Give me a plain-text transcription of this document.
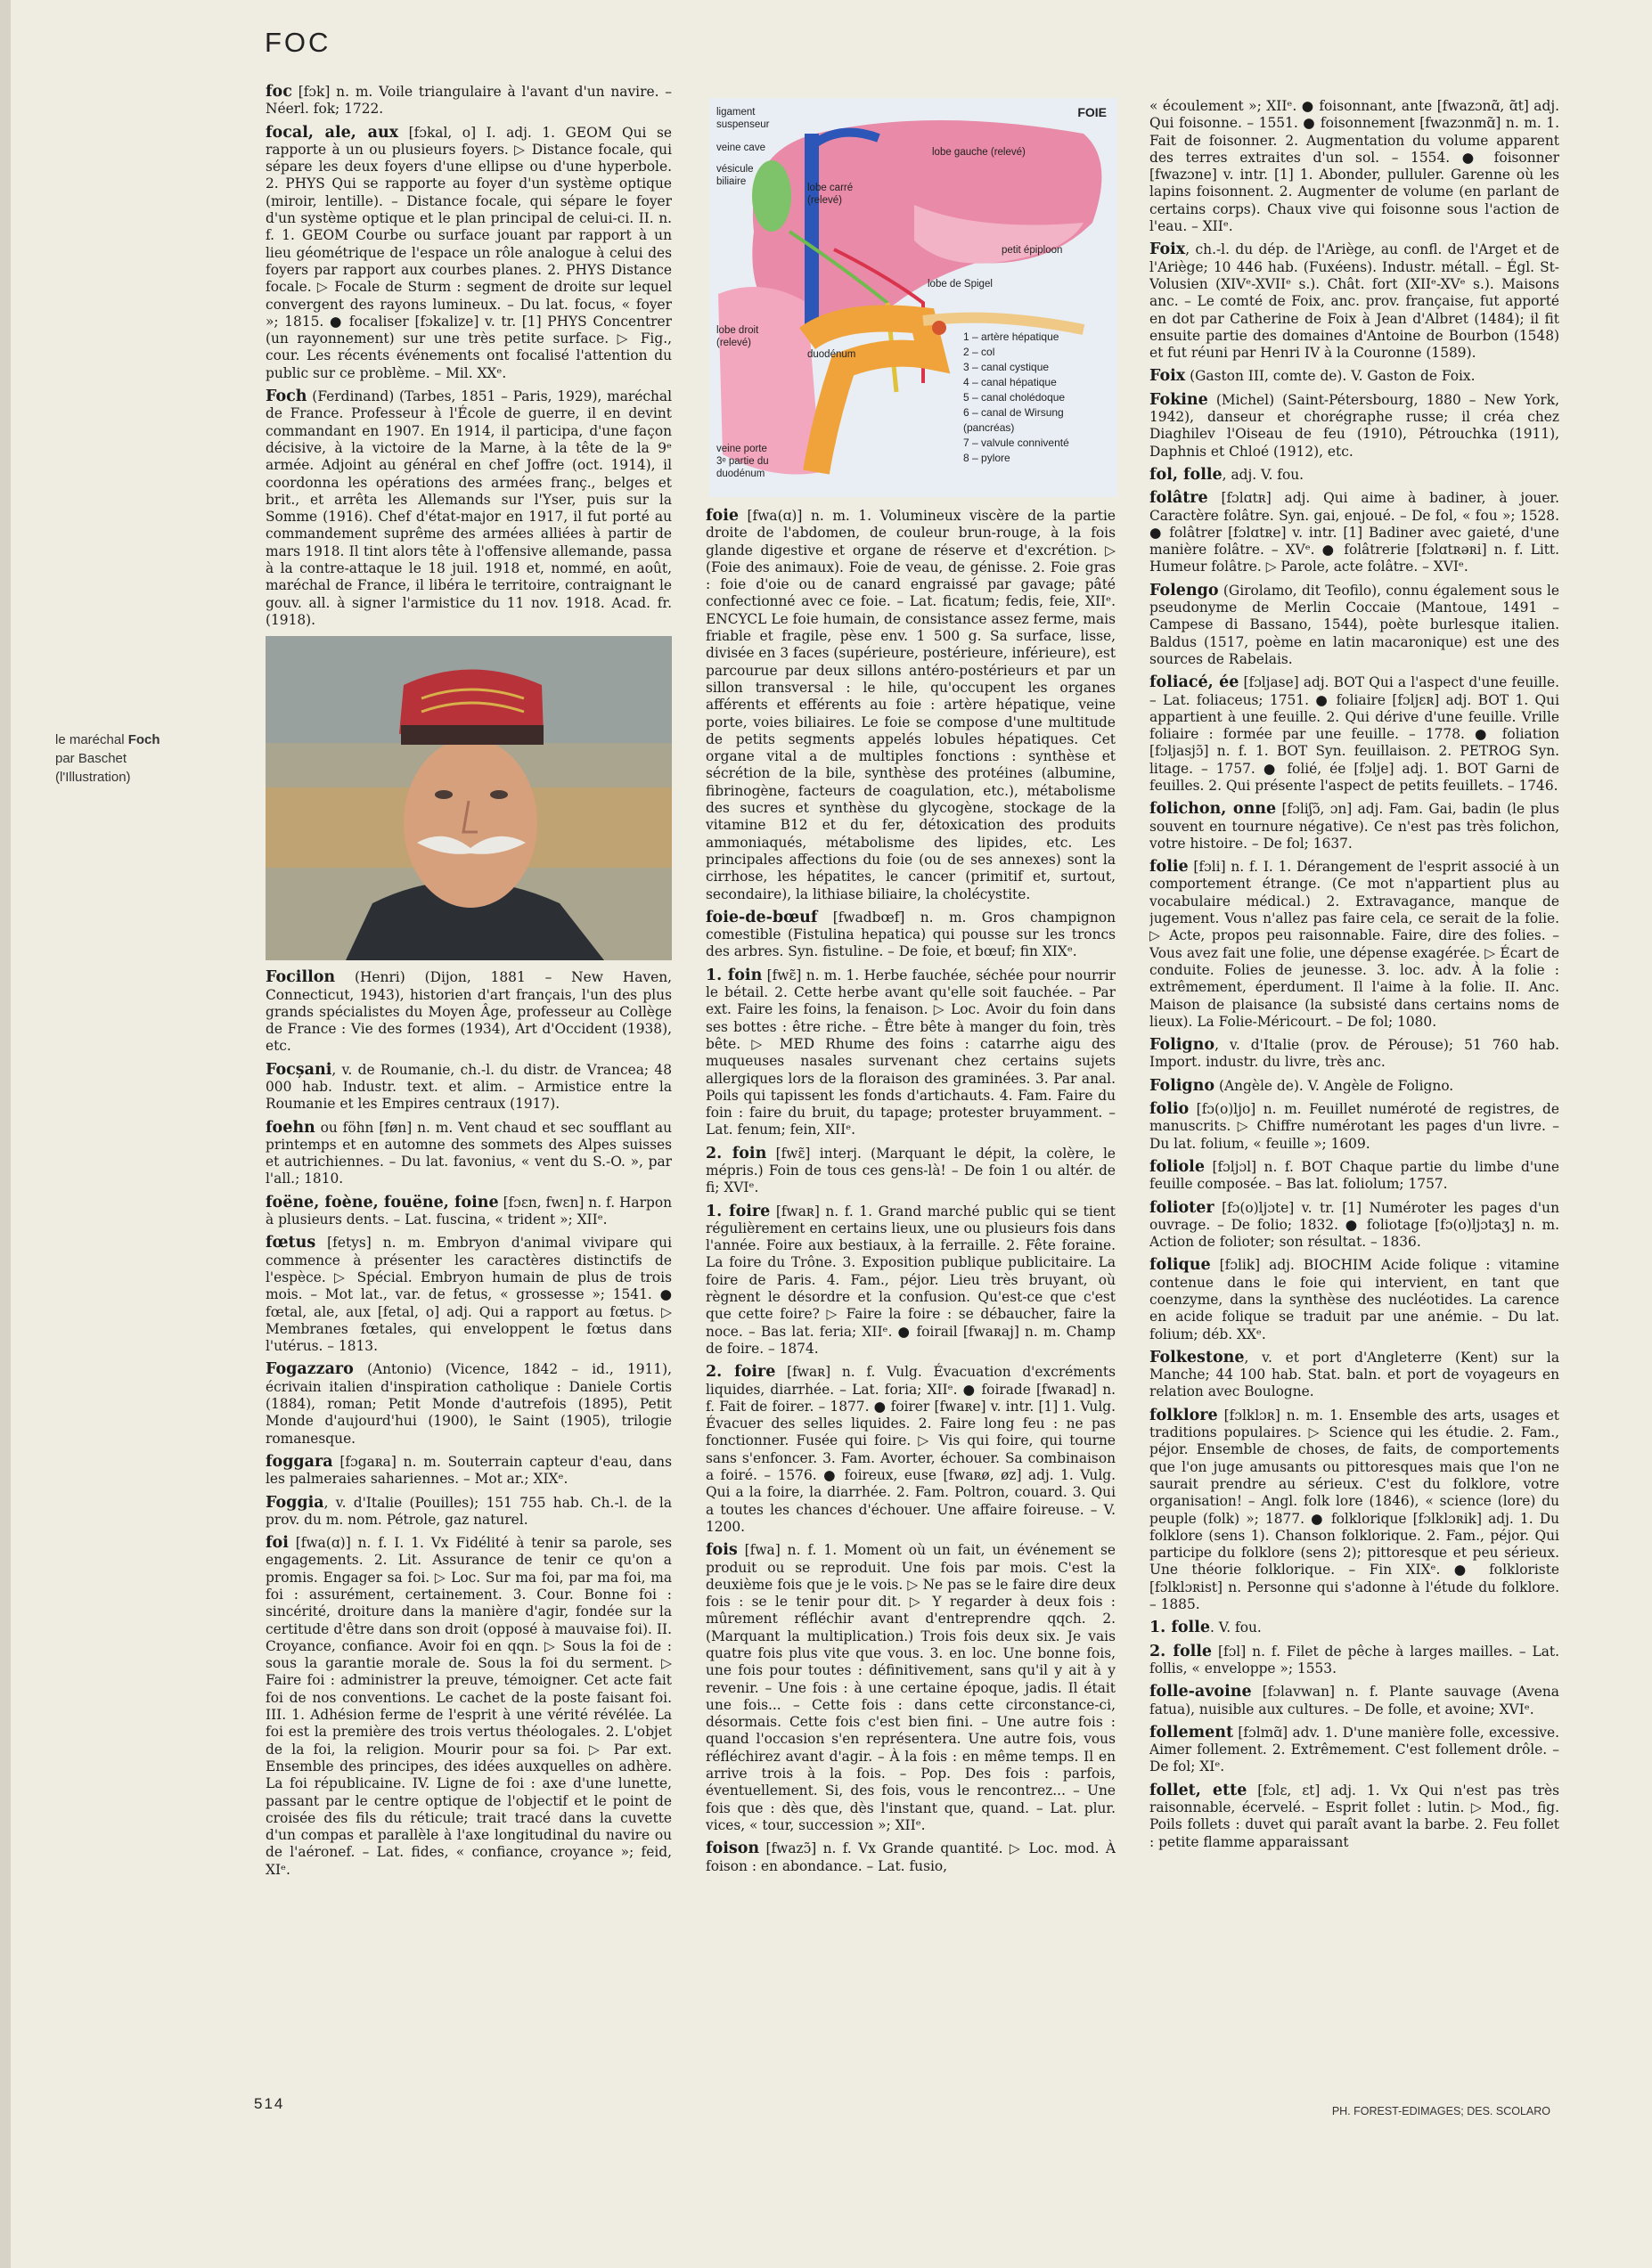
FOC
le maréchal Foch
par Baschet
(l'Illustration)
foc [fɔk] n. m. Voile triangulaire à l'avant d'un navire. – Néerl. fok; 1722.
focal, ale, aux [fɔkal, o] I. adj. 1. GEOM Qui se rapporte à un ou plusieurs foyers. ▷ Distance focale, qui sépare les deux foyers d'une ellipse ou d'une hyperbole. 2. PHYS Qui se rapporte au foyer d'un système optique (miroir, lentille). – Distance focale, qui sépare le foyer d'un système optique et le plan principal de celui-ci. II. n. f. 1. GEOM Courbe ou surface jouant par rapport à un lieu géométrique de l'espace un rôle analogue à celui des foyers par rapport aux courbes planes. 2. PHYS Distance focale. ▷ Focale de Sturm : segment de droite sur lequel convergent des rayons lumineux. – Du lat. focus, « foyer »; 1815. ● focaliser [fɔkalize] v. tr. [1] PHYS Concentrer (un rayonnement) sur une très petite surface. ▷ Fig., cour. Les récents événements ont focalisé l'attention du public sur ce problème. – Mil. XXᵉ.
Foch (Ferdinand) (Tarbes, 1851 – Paris, 1929), maréchal de France. Professeur à l'École de guerre, il en devint commandant en 1907. En 1914, il participa, d'une façon décisive, à la victoire de la Marne, à la tête de la 9ᵉ armée. Adjoint au général en chef Joffre (oct. 1914), il coordonna les opérations des armées franç., belges et brit., et arrêta les Allemands sur l'Yser, puis sur la Somme (1916). Chef d'état-major en 1917, il fut porté au commandement suprême des armées alliées à partir de mars 1918. Il tint alors tête à l'offensive allemande, passa à la contre-attaque le 18 juil. 1918 et, nommé, en août, maréchal de France, il libéra le territoire, contraignant le gouv. all. à signer l'armistice du 11 nov. 1918. Acad. fr. (1918).
Focillon (Henri) (Dijon, 1881 – New Haven, Connecticut, 1943), historien d'art français, l'un des plus grands spécialistes du Moyen Âge, professeur au Collège de France : Vie des formes (1934), Art d'Occident (1938), etc.
Focșani, v. de Roumanie, ch.-l. du distr. de Vrancea; 48 000 hab. Industr. text. et alim. – Armistice entre la Roumanie et les Empires centraux (1917).
foehn ou föhn [føn] n. m. Vent chaud et sec soufflant au printemps et en automne des sommets des Alpes suisses et autrichiennes. – Du lat. favonius, « vent du S.-O. », par l'all.; 1810.
foëne, foène, fouëne, foine [fɔɛn, fwɛn] n. f. Harpon à plusieurs dents. – Lat. fuscina, « trident »; XIIᵉ.
fœtus [fetys] n. m. Embryon d'animal vivipare qui commence à présenter les caractères distinctifs de l'espèce. ▷ Spécial. Embryon humain de plus de trois mois. – Mot lat., var. de fetus, « grossesse »; 1541. ● fœtal, ale, aux [fetal, o] adj. Qui a rapport au fœtus. ▷ Membranes fœtales, qui enveloppent le fœtus dans l'utérus. – 1813.
Fogazzaro (Antonio) (Vicence, 1842 – id., 1911), écrivain italien d'inspiration catholique : Daniele Cortis (1884), roman; Petit Monde d'autrefois (1895), Petit Monde d'aujourd'hui (1900), le Saint (1905), trilogie romanesque.
foggara [fɔgaʀa] n. m. Souterrain capteur d'eau, dans les palmeraies sahariennes. – Mot ar.; XIXᵉ.
Foggia, v. d'Italie (Pouilles); 151 755 hab. Ch.-l. de la prov. du m. nom. Pétrole, gaz naturel.
foi [fwa(ɑ)] n. f. I. 1. Vx Fidélité à tenir sa parole, ses engagements. 2. Lit. Assurance de tenir ce qu'on a promis. Engager sa foi. ▷ Loc. Sur ma foi, par ma foi, ma foi : assurément, certainement. 3. Cour. Bonne foi : sincérité, droiture dans la manière d'agir, fondée sur la certitude d'être dans son droit (opposé à mauvaise foi). II. Croyance, confiance. Avoir foi en qqn. ▷ Sous la foi de : sous la garantie morale de. Sous la foi du serment. ▷ Faire foi : administrer la preuve, témoigner. Cet acte fait foi de nos conventions. Le cachet de la poste faisant foi. III. 1. Adhésion ferme de l'esprit à une vérité révélée. La foi est la première des trois vertus théologales. 2. L'objet de la foi, la religion. Mourir pour sa foi. ▷ Par ext. Ensemble des principes, des idées auxquelles on adhère. La foi républicaine. IV. Ligne de foi : axe d'une lunette, passant par le centre optique de l'objectif et le point de croisée des fils du réticule; trait tracé dans la cuvette d'un compas et parallèle à l'axe longitudinal du navire ou de l'aéronef. – Lat. fides, « confiance, croyance »; feid, XIᵉ.
FOIE
ligament
suspenseur
veine cave
vésicule
biliaire
lobe carré
(relevé)
lobe gauche (relevé)
petit épiploon
lobe de Spigel
lobe droit
(relevé)
duodénum
veine porte
3ᵉ partie du
duodénum
1 – artère hépatique
2 – col
3 – canal cystique
4 – canal hépatique
5 – canal cholédoque
6 – canal de Wirsung
(pancréas)
7 – valvule conniventé
8 – pylore
foie [fwa(ɑ)] n. m. 1. Volumineux viscère de la partie droite de l'abdomen, de couleur brun-rouge, à la fois glande digestive et organe de réserve et d'excrétion. ▷ (Foie des animaux). Foie de veau, de génisse. 2. Foie gras : foie d'oie ou de canard engraissé par gavage; pâté confectionné avec ce foie. – Lat. ficatum; fedis, feie, XIIᵉ. ENCYCL Le foie humain, de consistance assez ferme, mais friable et fragile, pèse env. 1 500 g. Sa surface, lisse, divisée en 3 faces (supérieure, postérieure, inférieure), est parcourue par deux sillons antéro-postérieurs et par un sillon transversal : le hile, qu'occupent les organes afférents et efférents au foie : artère hépatique, veine porte, voies biliaires. Le foie se compose d'une multitude de petits segments appelés lobules hépatiques. Cet organe vital a de multiples fonctions : synthèse et sécrétion de la bile, synthèse des protéines (albumine, fibrinogène, facteurs de coagulation, etc.), métabolisme des sucres et synthèse du glycogène, stockage de la vitamine B12 et du fer, détoxication des produits ammoniaqués, métabolisme des lipides, etc. Les principales affections du foie (ou de ses annexes) sont la cirrhose, les hépatites, le cancer (primitif et, surtout, secondaire), la lithiase biliaire, la cholécystite.
foie-de-bœuf [fwadbœf] n. m. Gros champignon comestible (Fistulina hepatica) qui pousse sur les troncs des arbres. Syn. fistuline. – De foie, et bœuf; fin XIXᵉ.
1. foin [fwɛ̃] n. m. 1. Herbe fauchée, séchée pour nourrir le bétail. 2. Cette herbe avant qu'elle soit fauchée. – Par ext. Faire les foins, la fenaison. ▷ Loc. Avoir du foin dans ses bottes : être riche. – Être bête à manger du foin, très bête. ▷ MED Rhume des foins : catarrhe aigu des muqueuses nasales survenant chez certains sujets allergiques lors de la floraison des graminées. 3. Par anal. Poils qui tapissent les fonds d'artichauts. 4. Fam. Faire du foin : faire du bruit, du tapage; protester bruyamment. – Lat. fenum; fein, XIIᵉ.
2. foin [fwɛ̃] interj. (Marquant le dépit, la colère, le mépris.) Foin de tous ces gens-là! – De foin 1 ou altér. de fi; XVIᵉ.
1. foire [fwaʀ] n. f. 1. Grand marché public qui se tient régulièrement en certains lieux, une ou plusieurs fois dans l'année. Foire aux bestiaux, à la ferraille. 2. Fête foraine. La foire du Trône. 3. Exposition publique publicitaire. La foire de Paris. 4. Fam., péjor. Lieu très bruyant, où règnent le désordre et la confusion. Qu'est-ce que c'est que cette foire? ▷ Faire la foire : se débaucher, faire la noce. – Bas lat. feria; XIIᵉ. ● foirail [fwaʀaj] n. m. Champ de foire. – 1874.
2. foire [fwaʀ] n. f. Vulg. Évacuation d'excréments liquides, diarrhée. – Lat. foria; XIIᵉ. ● foirade [fwaʀad] n. f. Fait de foirer. – 1877. ● foirer [fwaʀe] v. intr. [1] 1. Vulg. Évacuer des selles liquides. 2. Faire long feu : ne pas fonctionner. Fusée qui foire. ▷ Vis qui foire, qui tourne sans s'enfoncer. 3. Fam. Avorter, échouer. Sa combinaison a foiré. – 1576. ● foireux, euse [fwaʀø, øz] adj. 1. Vulg. Qui a la foire, la diarrhée. 2. Fam. Poltron, couard. 3. Qui a toutes les chances d'échouer. Une affaire foireuse. – V. 1200.
fois [fwa] n. f. 1. Moment où un fait, un événement se produit ou se reproduit. Une fois par mois. C'est la deuxième fois que je le vois. ▷ Ne pas se le faire dire deux fois : se le tenir pour dit. ▷ Y regarder à deux fois : mûrement réfléchir avant d'entreprendre qqch. 2. (Marquant la multiplication.) Trois fois deux six. Je vais quatre fois plus vite que vous. 3. en loc. Une bonne fois, une fois pour toutes : définitivement, sans qu'il y ait à y revenir. – Une fois : à une certaine époque, jadis. Il était une fois... – Cette fois : dans cette circonstance-ci, désormais. Cette fois c'est bien fini. – Une autre fois : quand l'occasion s'en représentera. Une autre fois, vous réfléchirez avant d'agir. – À la fois : en même temps. Il en arrive trois à la fois. – Pop. Des fois : parfois, éventuellement. Si, des fois, vous le rencontrez... – Une fois que : dès que, dès l'instant que, quand. – Lat. plur. vices, « tour, succession »; XIIᵉ.
foison [fwazɔ̃] n. f. Vx Grande quantité. ▷ Loc. mod. À foison : en abondance. – Lat. fusio,
« écoulement »; XIIᵉ. ● foisonnant, ante [fwazɔnɑ̃, ɑ̃t] adj. Qui foisonne. – 1551. ● foisonnement [fwazɔnmɑ̃] n. m. 1. Fait de foisonner. 2. Augmentation du volume apparent des terres extraites d'un sol. – 1554. ● foisonner [fwazɔne] v. intr. [1] 1. Abonder, pulluler. Garenne où les lapins foisonnent. 2. Augmenter de volume (en parlant de certains corps). Chaux vive qui foisonne sous l'action de l'eau. – XIIᵉ.
Foix, ch.-l. du dép. de l'Ariège, au confl. de l'Arget et de l'Ariège; 10 446 hab. (Fuxéens). Industr. métall. – Égl. St-Volusien (XIVᵉ-XVIIᵉ s.). Chât. fort (XIIᵉ-XVᵉ s.). Maisons anc. – Le comté de Foix, anc. prov. française, fut apporté en dot par Catherine de Foix à Jean d'Albret (1484); il fit ensuite partie des domaines d'Antoine de Bourbon (1548) et fut réuni par Henri IV à la Couronne (1589).
Foix (Gaston III, comte de). V. Gaston de Foix.
Fokine (Michel) (Saint-Pétersbourg, 1880 – New York, 1942), danseur et chorégraphe russe; il créa chez Diaghilev l'Oiseau de feu (1910), Pétrouchka (1911), Daphnis et Chloé (1912), etc.
fol, folle, adj. V. fou.
folâtre [fɔlɑtʀ] adj. Qui aime à badiner, à jouer. Caractère folâtre. Syn. gai, enjoué. – De fol, « fou »; 1528. ● folâtrer [fɔlɑtʀe] v. intr. [1] Badiner avec gaieté, d'une manière folâtre. – XVᵉ. ● folâtrerie [fɔlɑtʀəʀi] n. f. Litt. Humeur folâtre. ▷ Parole, acte folâtre. – XVIᵉ.
Folengo (Girolamo, dit Teofilo), connu également sous le pseudonyme de Merlin Coccaie (Mantoue, 1491 – Campese di Bassano, 1544), poète burlesque italien. Baldus (1517, poème en latin macaronique) est une des sources de Rabelais.
foliacé, ée [fɔljase] adj. BOT Qui a l'aspect d'une feuille. – Lat. foliaceus; 1751. ● foliaire [fɔljɛʀ] adj. BOT 1. Qui appartient à une feuille. 2. Qui dérive d'une feuille. Vrille foliaire : formée par une feuille. – 1778. ● foliation [fɔljasjɔ̃] n. f. 1. BOT Syn. feuillaison. 2. PETROG Syn. litage. – 1757. ● folié, ée [fɔlje] adj. 1. BOT Garni de feuilles. 2. Qui présente l'aspect de petits feuillets. – 1746.
folichon, onne [fɔliʃɔ̃, ɔn] adj. Fam. Gai, badin (le plus souvent en tournure négative). Ce n'est pas très folichon, votre histoire. – De fol; 1637.
folie [fɔli] n. f. I. 1. Dérangement de l'esprit associé à un comportement étrange. (Ce mot n'appartient plus au vocabulaire médical.) 2. Extravagance, manque de jugement. Vous n'allez pas faire cela, ce serait de la folie. ▷ Acte, propos peu raisonnable. Faire, dire des folies. – Vous avez fait une folie, une dépense exagérée. ▷ Écart de conduite. Folies de jeunesse. 3. loc. adv. À la folie : extrêmement, éperdument. Il l'aime à la folie. II. Anc. Maison de plaisance (la subsisté dans certains noms de lieux). La Folie-Méricourt. – De fol; 1080.
Foligno, v. d'Italie (prov. de Pérouse); 51 760 hab. Import. industr. du livre, très anc.
Foligno (Angèle de). V. Angèle de Foligno.
folio [fɔ(o)ljo] n. m. Feuillet numéroté de registres, de manuscrits. ▷ Chiffre numérotant les pages d'un livre. – Du lat. folium, « feuille »; 1609.
foliole [fɔljɔl] n. f. BOT Chaque partie du limbe d'une feuille composée. – Bas lat. foliolum; 1757.
folioter [fɔ(o)ljɔte] v. tr. [1] Numéroter les pages d'un ouvrage. – De folio; 1832. ● foliotage [fɔ(o)ljɔtaʒ] n. m. Action de folioter; son résultat. – 1836.
folique [fɔlik] adj. BIOCHIM Acide folique : vitamine contenue dans le foie qui intervient, en tant que coenzyme, dans la synthèse des nucléotides. La carence en acide folique se traduit par une anémie. – Du lat. folium; déb. XXᵉ.
Folkestone, v. et port d'Angleterre (Kent) sur la Manche; 44 100 hab. Stat. baln. et port de voyageurs en relation avec Boulogne.
folklore [fɔlklɔʀ] n. m. 1. Ensemble des arts, usages et traditions populaires. ▷ Science qui les étudie. 2. Fam., péjor. Ensemble de choses, de faits, de comportements que l'on juge amusants ou pittoresques mais que l'on ne saurait prendre au sérieux. C'est du folklore, votre organisation! – Angl. folk lore (1846), « science (lore) du peuple (folk) »; 1877. ● folklorique [fɔlklɔʀik] adj. 1. Du folklore (sens 1). Chanson folklorique. 2. Fam., péjor. Qui participe du folklore (sens 2); pittoresque et peu sérieux. Une théorie folklorique. – Fin XIXᵉ. ● folkloriste [fɔlklɔʀist] n. Personne qui s'adonne à l'étude du folklore. – 1885.
1. folle. V. fou.
2. folle [fɔl] n. f. Filet de pêche à larges mailles. – Lat. follis, « enveloppe »; 1553.
folle-avoine [fɔlavwan] n. f. Plante sauvage (Avena fatua), nuisible aux cultures. – De folle, et avoine; XVIᵉ.
follement [fɔlmɑ̃] adv. 1. D'une manière folle, excessive. Aimer follement. 2. Extrêmement. C'est follement drôle. – De fol; XIᵉ.
follet, ette [fɔlɛ, ɛt] adj. 1. Vx Qui n'est pas très raisonnable, écervelé. – Esprit follet : lutin. ▷ Mod., fig. Poils follets : duvet qui paraît avant la barbe. 2. Feu follet : petite flamme apparaissant
514	PH. FOREST-EDIMAGES; DES. SCOLARO
